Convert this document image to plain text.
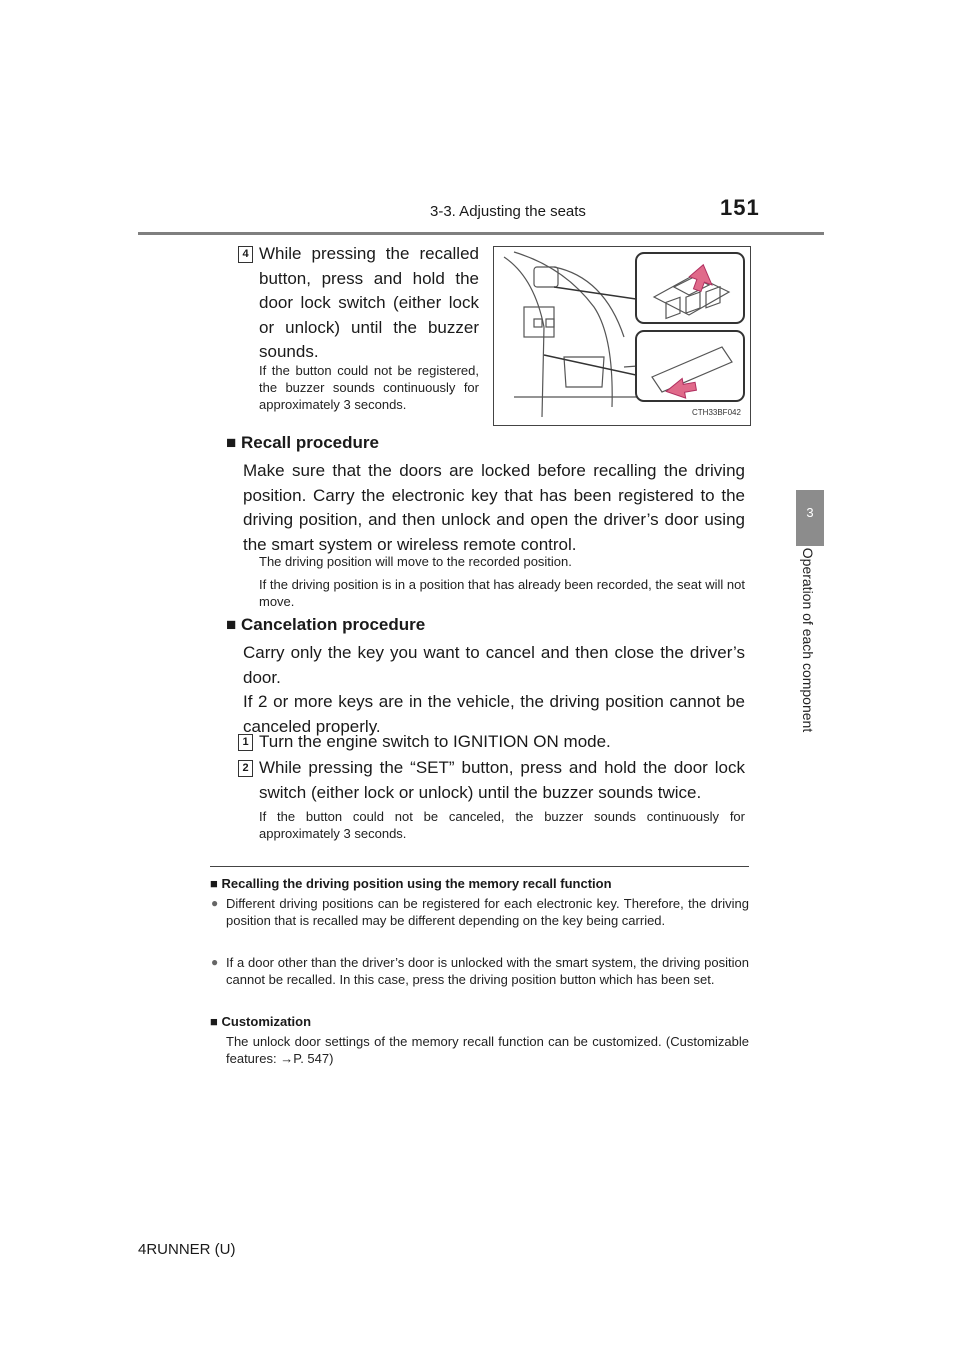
3-3. Adjusting the seats	151
3
Operation of each component
4 While pressing the recalled button, press and hold the door lock switch (either lock or unlock) until the buzzer sounds.
If the button could not be registered, the buzzer sounds continuously for approximately 3 seconds.
CTH33BF042
■ Recall procedure
Make sure that the doors are locked before recalling the driving position. Carry the electronic key that has been registered to the driving position, and then unlock and open the driver’s door using the smart system or wireless remote control.
The driving position will move to the recorded position.
If the driving position is in a position that has already been recorded, the seat will not move.
■ Cancelation procedure
Carry only the key you want to cancel and then close the driver’s door.
If 2 or more keys are in the vehicle, the driving position cannot be canceled properly.
1 Turn the engine switch to IGNITION ON mode.
2 While pressing the “SET” button, press and hold the door lock switch (either lock or unlock) until the buzzer sounds twice.
If the button could not be canceled, the buzzer sounds continuously for approximately 3 seconds.
■ Recalling the driving position using the memory recall function
● Different driving positions can be registered for each electronic key. Therefore, the driving position that is recalled may be different depending on the key being carried.
● If a door other than the driver’s door is unlocked with the smart system, the driving position cannot be recalled. In this case, press the driving position button which has been set.
■ Customization
The unlock door settings of the memory recall function can be customized. (Customizable features: →P. 547)
4RUNNER (U)
